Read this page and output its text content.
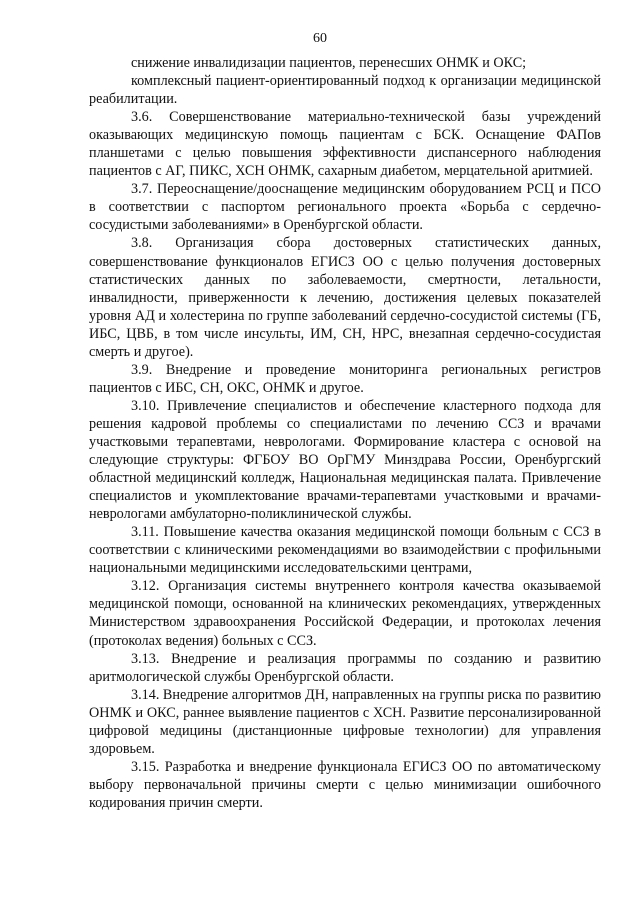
60

снижение инвалидизации пациентов, перенесших ОНМК и ОКС;

комплексный пациент-ориентированный подход к организации медицинской реабилитации.

3.6. Совершенствование материально-технической базы учреждений оказывающих медицинскую помощь пациентам с БСК. Оснащение ФАПов планшетами с целью повышения эффективности диспансерного наблюдения пациентов с АГ, ПИКС, ХСН ОНМК, сахарным диабетом, мерцательной аритмией.

3.7. Переоснащение/дооснащение медицинским оборудованием РСЦ и ПСО в соответствии с паспортом регионального проекта «Борьба с сердечно-сосудистыми заболеваниями» в Оренбургской области.

3.8. Организация сбора достоверных статистических данных, совершенствование функционалов ЕГИСЗ ОО с целью получения достоверных статистических данных по заболеваемости, смертности, летальности, инвалидности, приверженности к лечению, достижения целевых показателей уровня АД и холестерина по группе заболеваний сердечно-сосудистой системы (ГБ, ИБС, ЦВБ, в том числе инсульты, ИМ, СН, НРС, внезапная сердечно-сосудистая смерть и другое).

3.9. Внедрение и проведение мониторинга региональных регистров пациентов с ИБС, СН, ОКС, ОНМК и другое.

3.10. Привлечение специалистов и обеспечение кластерного подхода для решения кадровой проблемы со специалистами по лечению ССЗ и врачами участковыми терапевтами, неврологами. Формирование кластера с основой на следующие структуры: ФГБОУ ВО ОрГМУ Минздрава России, Оренбургский областной медицинский колледж, Национальная медицинская палата. Привлечение специалистов и укомплектование врачами-терапевтами участковыми и врачами-неврологами амбулаторно-поликлинической службы.

3.11. Повышение качества оказания медицинской помощи больным с ССЗ в соответствии с клиническими рекомендациями во взаимодействии с профильными национальными медицинскими исследовательскими центрами,

3.12. Организация системы внутреннего контроля качества оказываемой медицинской помощи, основанной на клинических рекомендациях, утвержденных Министерством здравоохранения Российской Федерации, и протоколах лечения (протоколах ведения) больных с ССЗ.

3.13. Внедрение и реализация программы по созданию и развитию аритмологической службы Оренбургской области.

3.14. Внедрение алгоритмов ДН, направленных на группы риска по развитию ОНМК и ОКС, раннее выявление пациентов с ХСН. Развитие персонализированной цифровой медицины (дистанционные цифровые технологии) для управления здоровьем.

3.15. Разработка и внедрение функционала ЕГИСЗ ОО по автоматическому выбору первоначальной причины смерти с целью минимизации ошибочного кодирования причин смерти.
